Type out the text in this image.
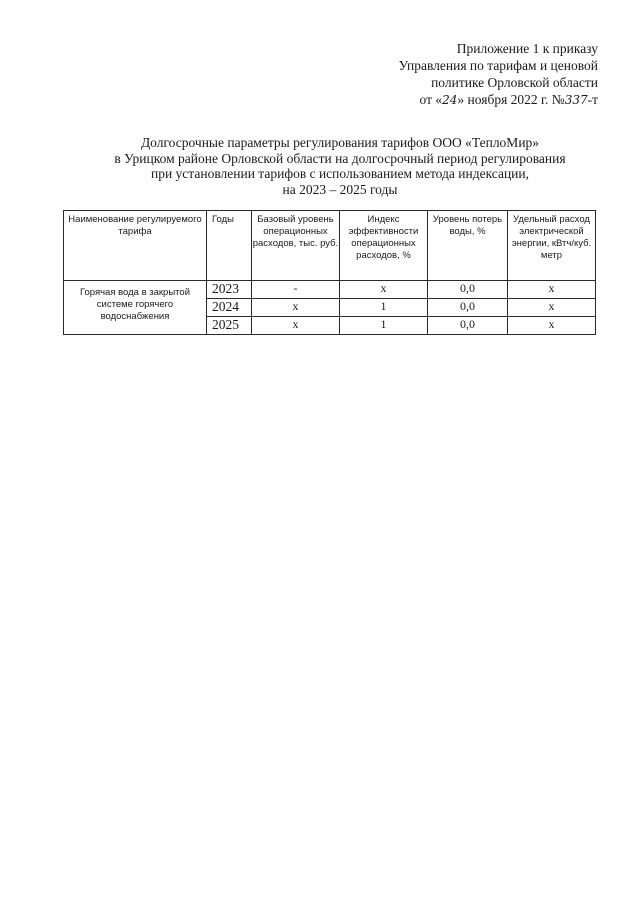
Приложение 1 к приказу
Управления по тарифам и ценовой
политике Орловской области
от «24» ноября 2022 г. №337-т
Долгосрочные параметры регулирования тарифов ООО «ТеплоМир»
в Урицком районе Орловской области на долгосрочный период регулирования
при установлении тарифов с использованием метода индексации,
на 2023 – 2025 годы
Наименование регулируемого тарифа	Годы	Базовый уровень операционных расходов, тыс. руб.	Индекс эффективности операционных расходов, %	Уровень потерь воды, %	Удельный расход электрической энергии, кВтч/куб. метр
Горячая вода в закрытой системе горячего водоснабжения	2023	-	x	0,0	x
	2024	x	1	0,0	x
	2025	x	1	0,0	x
